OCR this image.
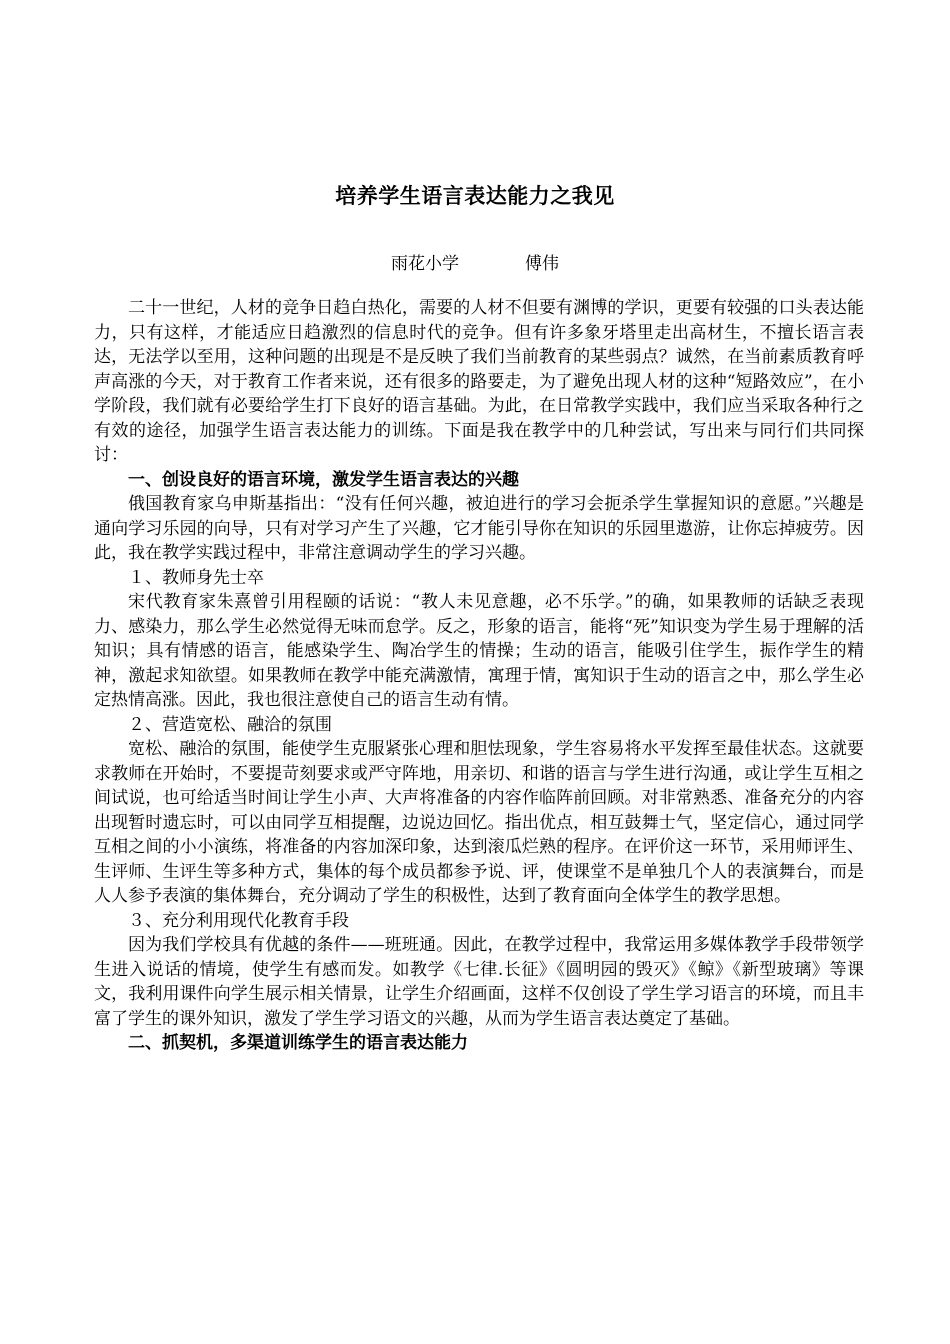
培养学生语言表达能力之我见
雨花小学	傅伟

二十一世纪，人材的竞争日趋白热化，需要的人材不但要有渊博的学识，更要有较强的口头表达能力，只有这样，才能适应日趋激烈的信息时代的竞争。但有许多象牙塔里走出高材生，不擅长语言表达，无法学以至用，这种问题的出现是不是反映了我们当前教育的某些弱点？诚然，在当前素质教育呼声高涨的今天，对于教育工作者来说，还有很多的路要走，为了避免出现人材的这种“短路效应”，在小学阶段，我们就有必要给学生打下良好的语言基础。为此，在日常教学实践中，我们应当采取各种行之有效的途径，加强学生语言表达能力的训练。下面是我在教学中的几种尝试，写出来与同行们共同探讨：

一、创设良好的语言环境，激发学生语言表达的兴趣

俄国教育家乌申斯基指出：“没有任何兴趣，被迫进行的学习会扼杀学生掌握知识的意愿。”兴趣是通向学习乐园的向导，只有对学习产生了兴趣，它才能引导你在知识的乐园里遨游，让你忘掉疲劳。因此，我在教学实践过程中，非常注意调动学生的学习兴趣。

１、教师身先士卒

宋代教育家朱熹曾引用程颐的话说：“教人未见意趣，必不乐学。”的确，如果教师的话缺乏表现力、感染力，那么学生必然觉得无味而怠学。反之，形象的语言，能将“死”知识变为学生易于理解的活知识；具有情感的语言，能感染学生、陶冶学生的情操；生动的语言，能吸引住学生，振作学生的精神，激起求知欲望。如果教师在教学中能充满激情，寓理于情，寓知识于生动的语言之中，那么学生必定热情高涨。因此，我也很注意使自己的语言生动有情。

２、营造宽松、融洽的氛围

宽松、融洽的氛围，能使学生克服紧张心理和胆怯现象，学生容易将水平发挥至最佳状态。这就要求教师在开始时，不要提苛刻要求或严守阵地，用亲切、和谐的语言与学生进行沟通，或让学生互相之间试说，也可给适当时间让学生小声、大声将准备的内容作临阵前回顾。对非常熟悉、准备充分的内容出现暂时遗忘时，可以由同学互相提醒，边说边回忆。指出优点，相互鼓舞士气，坚定信心，通过同学互相之间的小小演练，将准备的内容加深印象，达到滚瓜烂熟的程序。在评价这一环节，采用师评生、生评师、生评生等多种方式，集体的每个成员都参予说、评，使课堂不是单独几个人的表演舞台，而是人人参予表演的集体舞台，充分调动了学生的积极性，达到了教育面向全体学生的教学思想。

３、充分利用现代化教育手段

因为我们学校具有优越的条件——班班通。因此，在教学过程中，我常运用多媒体教学手段带领学生进入说话的情境，使学生有感而发。如教学《七律.长征》《圆明园的毁灭》《鲸》《新型玻璃》等课文，我利用课件向学生展示相关情景，让学生介绍画面，这样不仅创设了学生学习语言的环境，而且丰富了学生的课外知识，激发了学生学习语文的兴趣，从而为学生语言表达奠定了基础。

二、抓契机，多渠道训练学生的语言表达能力
